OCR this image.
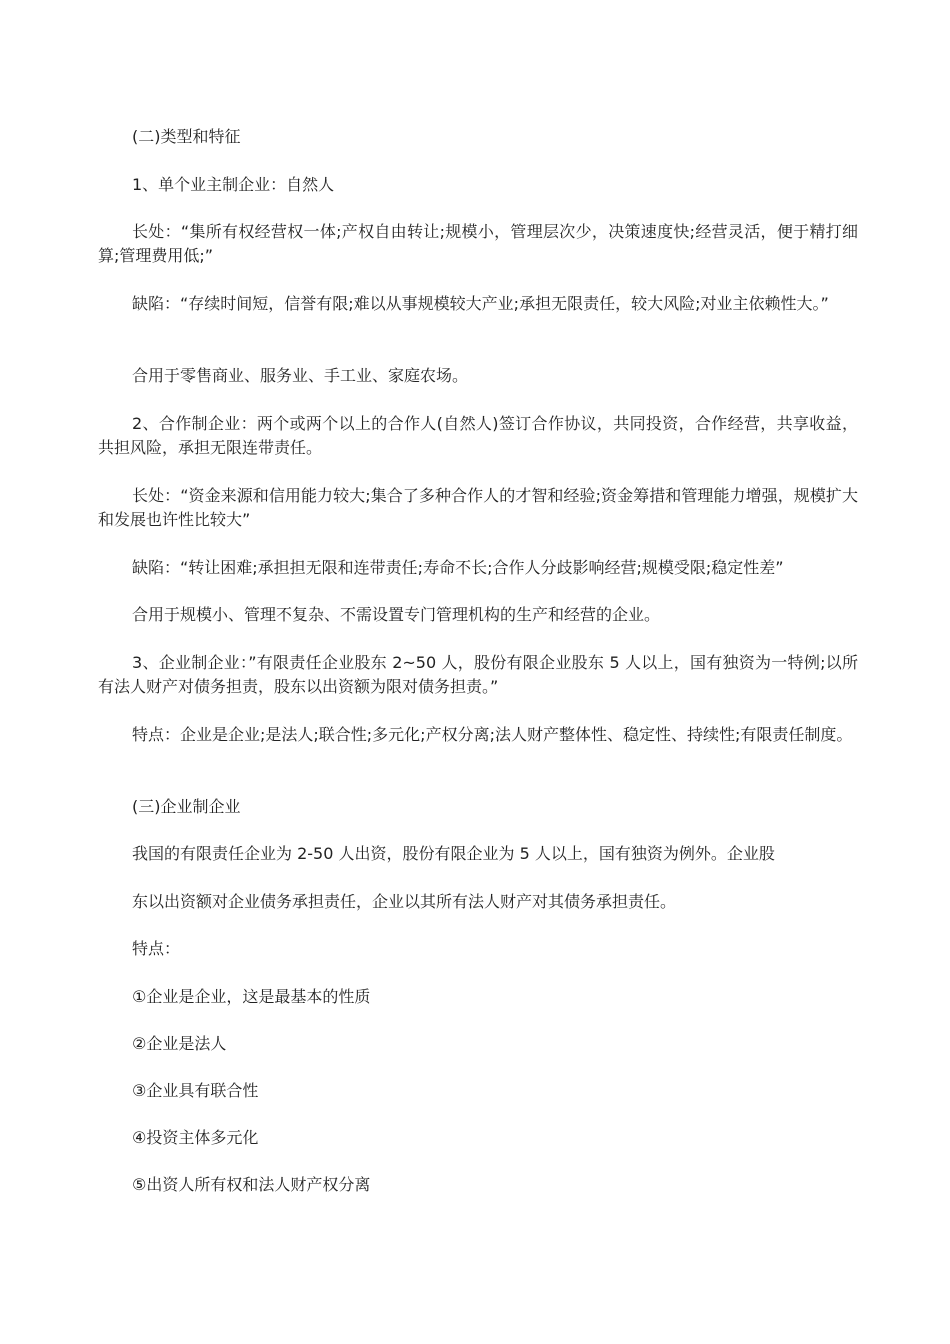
(二)类型和特征

1、单个业主制企业：自然人

长处：“集所有权经营权一体;产权自由转让;规模小，管理层次少，决策速度快;经营灵活，便于精打细算;管理费用低;”

缺陷：“存续时间短，信誉有限;难以从事规模较大产业;承担无限责任，较大风险;对业主依赖性大。”

合用于零售商业、服务业、手工业、家庭农场。

2、合作制企业：两个或两个以上的合作人(自然人)签订合作协议，共同投资，合作经营，共享收益，共担风险，承担无限连带责任。

长处：“资金来源和信用能力较大;集合了多种合作人的才智和经验;资金筹措和管理能力增强，规模扩大和发展也许性比较大”

缺陷：“转让困难;承担担无限和连带责任;寿命不长;合作人分歧影响经营;规模受限;稳定性差”

合用于规模小、管理不复杂、不需设置专门管理机构的生产和经营的企业。

3、企业制企业：”有限责任企业股东 2~50 人，股份有限企业股东 5 人以上，国有独资为一特例;以所有法人财产对债务担责，股东以出资额为限对债务担责。”

特点：企业是企业;是法人;联合性;多元化;产权分离;法人财产整体性、稳定性、持续性;有限责任制度。

(三)企业制企业

我国的有限责任企业为 2-50 人出资，股份有限企业为 5 人以上，国有独资为例外。企业股

东以出资额对企业债务承担责任，企业以其所有法人财产对其债务承担责任。

特点：

①企业是企业，这是最基本的性质

②企业是法人

③企业具有联合性

④投资主体多元化

⑤出资人所有权和法人财产权分离
